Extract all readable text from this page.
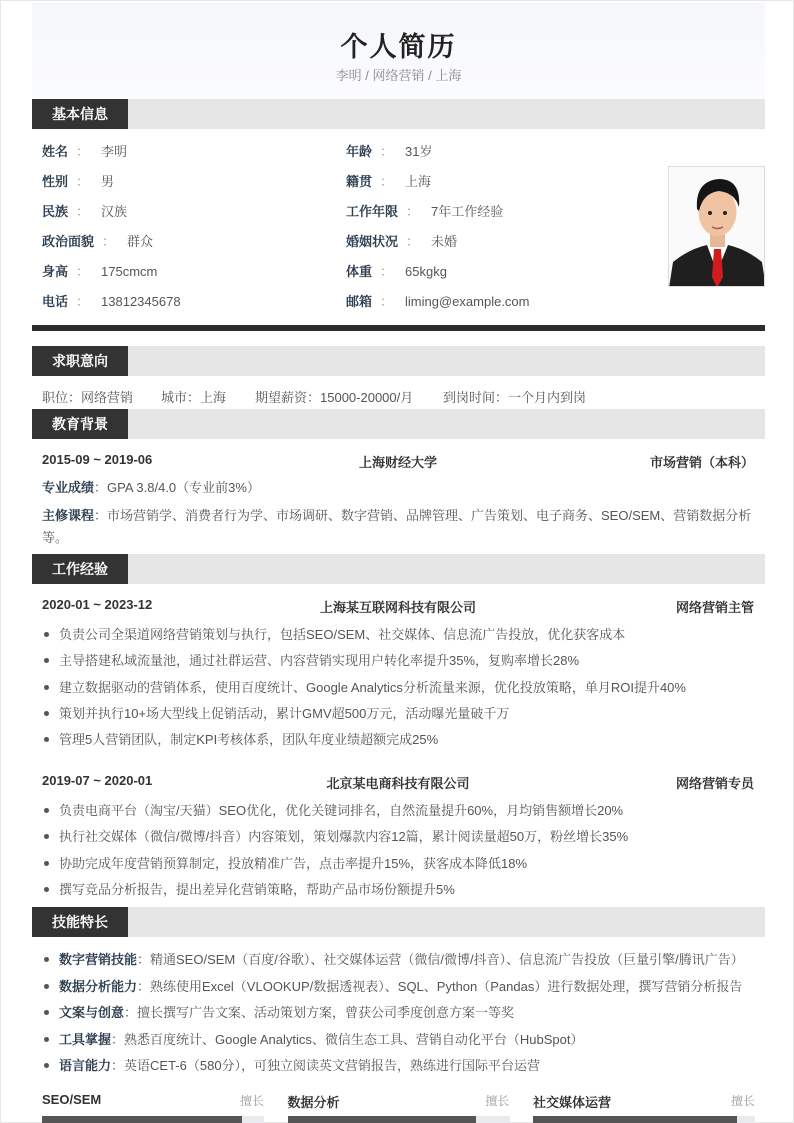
个人简历
李明 / 网络营销 / 上海
基本信息
姓名 ： 李明
性别 ： 男
民族 ： 汉族
政治面貌 ： 群众
身高 ： 175cmcm
电话 ： 13812345678
年龄 ： 31岁
籍贯 ： 上海
工作年限 ： 7年工作经验
婚姻状况 ： 未婚
体重 ： 65kgkg
邮箱 ： liming@example.com
求职意向
职位：网络营销 城市：上海 期望薪资：15000-20000/月 到岗时间：一个月内到岗
教育背景
2015-09 ~ 2019-06	上海财经大学	市场营销（本科）
专业成绩：GPA 3.8/4.0（专业前3%）
主修课程：市场营销学、消费者行为学、市场调研、数字营销、品牌管理、广告策划、电子商务、SEO/SEM、营销数据分析等。
工作经验
2020-01 ~ 2023-12	上海某互联网科技有限公司	网络营销主管
负责公司全渠道网络营销策划与执行，包括SEO/SEM、社交媒体、信息流广告投放，优化获客成本
主导搭建私域流量池，通过社群运营、内容营销实现用户转化率提升35%，复购率增长28%
建立数据驱动的营销体系，使用百度统计、Google Analytics分析流量来源，优化投放策略，单月ROI提升40%
策划并执行10+场大型线上促销活动，累计GMV超500万元，活动曝光量破千万
管理5人营销团队，制定KPI考核体系，团队年度业绩超额完成25%
2019-07 ~ 2020-01	北京某电商科技有限公司	网络营销专员
负责电商平台（淘宝/天猫）SEO优化，优化关键词排名，自然流量提升60%，月均销售额增长20%
执行社交媒体（微信/微博/抖音）内容策划，策划爆款内容12篇，累计阅读量超50万，粉丝增长35%
协助完成年度营销预算制定，投放精准广告，点击率提升15%，获客成本降低18%
撰写竞品分析报告，提出差异化营销策略，帮助产品市场份额提升5%
技能特长
数字营销技能：精通SEO/SEM（百度/谷歌）、社交媒体运营（微信/微博/抖音）、信息流广告投放（巨量引擎/腾讯广告）
数据分析能力：熟练使用Excel（VLOOKUP/数据透视表）、SQL、Python（Pandas）进行数据处理，撰写营销分析报告
文案与创意：擅长撰写广告文案、活动策划方案，曾获公司季度创意方案一等奖
工具掌握：熟悉百度统计、Google Analytics、微信生态工具、营销自动化平台（HubSpot）
语言能力：英语CET-6（580分），可独立阅读英文营销报告，熟练进行国际平台运营
SEO/SEM	擅长 数据分析	擅长 社交媒体运营	擅长
